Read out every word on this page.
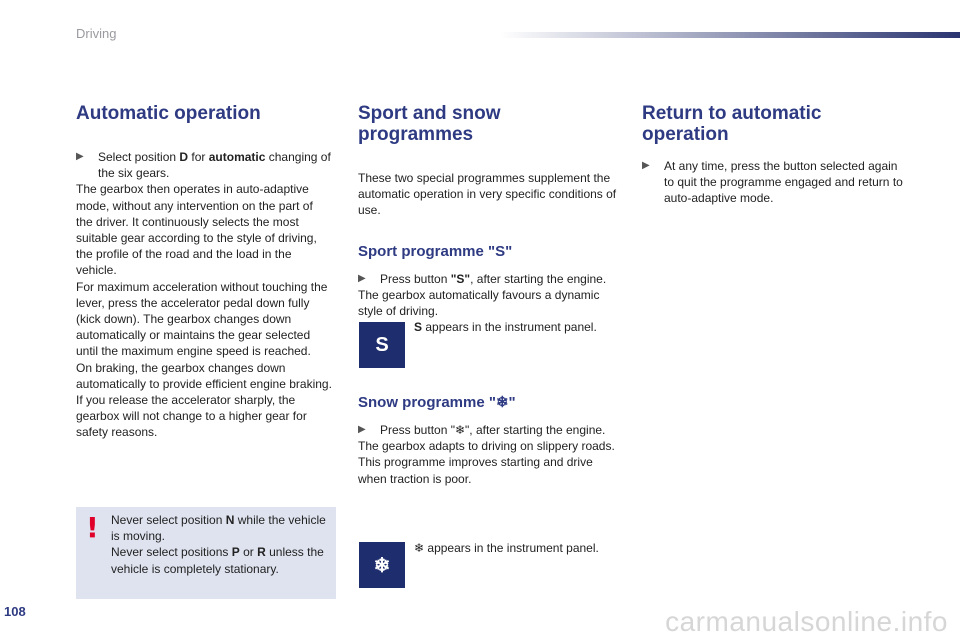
Driving
Automatic operation
▶	Select position D for automatic changing of the six gears.

The gearbox then operates in auto-adaptive mode, without any intervention on the part of the driver. It continuously selects the most suitable gear according to the style of driving, the profile of the road and the load in the vehicle.

For maximum acceleration without touching the lever, press the accelerator pedal down fully (kick down). The gearbox changes down automatically or maintains the gear selected until the maximum engine speed is reached.

On braking, the gearbox changes down automatically to provide efficient engine braking.

If you release the accelerator sharply, the gearbox will not change to a higher gear for safety reasons.

! Never select position N while the vehicle is moving.

Never select positions P or R unless the vehicle is completely stationary.

Sport and snow programmes

These two special programmes supplement the automatic operation in very specific conditions of use.

Sport programme "S"
▶	Press button "S", after starting the engine.

The gearbox automatically favours a dynamic style of driving.

S
S appears in the instrument panel.
Snow programme "❄"
▶	Press button "❄", after starting the engine.

The gearbox adapts to driving on slippery roads.

This programme improves starting and drive when traction is poor.

❄
❄ appears in the instrument panel.
Return to automatic operation
▶	At any time, press the button selected again to quit the programme engaged and return to auto-adaptive mode.
108	carmanualsonline.info
